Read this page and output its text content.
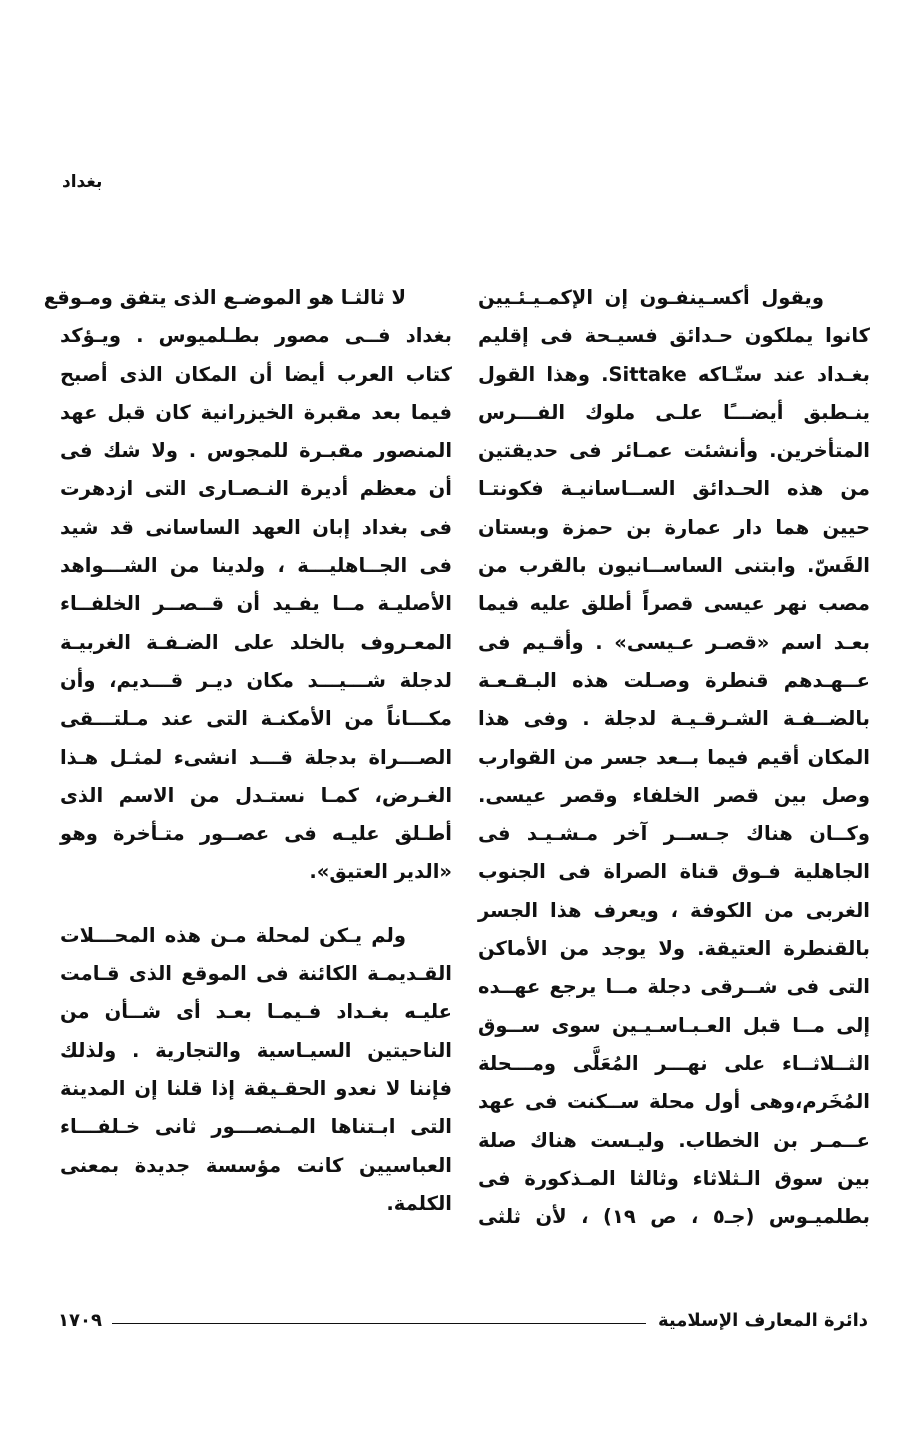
بغداد
ويقول أكسـينفـون إن الإكمـيـئـيين
كانوا يملكون حـدائق فسيـحة فى إقليم
بغـداد عند ستّـاكه Sittake. وهذا القول
ينـطبق أيضـــًا علـى ملوك الفـــرس
المتأخرين. وأنشئت عمـائر فى حديقتين
من هذه الحـدائق الســاسانيـة فكونتـا
حيين هما دار عمارة بن حمزة وبستان
القَسّ. وابتنى الساســانيون بالقرب من
مصب نهر عيسى قصراً أطلق عليه فيما
بعـد اسم «قصـر عـيسى» . وأقـيم فى
عــهـدهم قنطرة وصـلت هذه البـقـعـة
بالضــفـة الشـرقـيـة لدجلة . وفى هذا
المكان أقيم فيما بــعد جسر من القوارب
وصل بين قصر الخلفاء وقصر عيسى.
وكــان هناك جـســر آخر مـشـيـد فى
الجاهلية فـوق قناة الصراة فى الجنوب
الغربى من الكوفة ، ويعرف هذا الجسر
بالقنطرة العتيقة. ولا يوجد من الأماكن
التى فى شــرقى دجلة مــا يرجع عهــده
إلى مــا قبل العـبـاسـيـين سوى ســوق
الثــلاثــاء على نهـــر المُعَلَّى ومـــحلة
المُخَرم،وهى أول محلة ســكنت فى عهد
عــمـر بن الخطاب. وليـست هناك صلة
بين سوق الـثلاثاء وثالثا المـذكورة فى
بطلميـوس (جـ٥ ، ص ١٩) ، لأن ثلثى
لا ثالثـا هو الموضـع الذى يتفق ومـوقع
بغداد فــى مصور بطـلميوس . ويـؤكد
كتاب العرب أيضا أن المكان الذى أصبح
فيما بعد مقبرة الخيزرانية كان قبل عهد
المنصور مقبـرة للمجوس . ولا شك فى
أن معظم أديرة النـصـارى التى ازدهرت
فى بغداد إبان العهد الساسانى قد شيد
فى الجــاهليـــة ، ولدينا من الشـــواهد
الأصليـة مــا يفـيد أن قــصــر الخلفــاء
المعـروف بالخلد على الضـفـة الغربيـة
لدجلة شـــيـــد مكان ديـر قـــديم، وأن
مكـــاناً من الأمكنـة التى عند مـلتـــقى
الصـــراة بدجلة قـــد انشىء لمثـل هـذا
الغـرض، كمـا نستـدل من الاسم الذى
أطـلق عليـه فى عصــور متـأخرة وهو
«الدير العتيق».
ولم يـكن لمحلة مـن هذه المحـــلات
القـديمـة الكائنة فى الموقع الذى قـامت
عليـه بغـداد فـيمـا بعـد أى شــأن من
الناحيتين السيـاسية والتجارية . ولذلك
فإننا لا نعدو الحقـيقة إذا قلنا إن المدينة
التى ابـتناها المـنصـــور ثانى خـلفـــاء
العباسيين كانت مؤسسة جديدة بمعنى
الكلمة.
دائرة المعارف الإسلامية
١٧٠٩
